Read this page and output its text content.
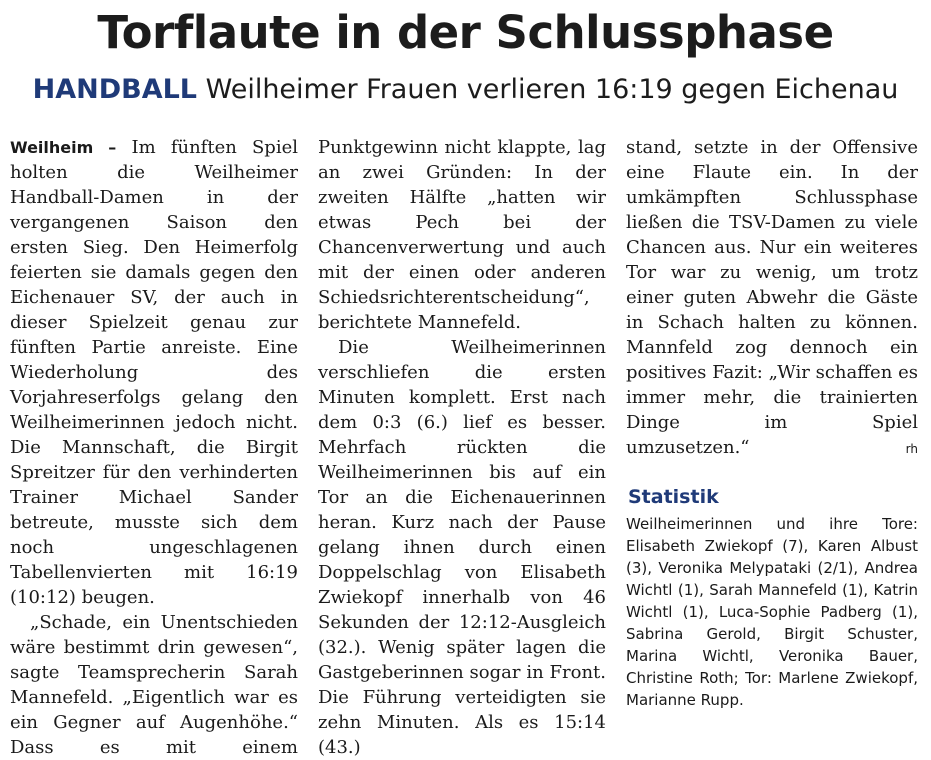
Torflaute in der Schlussphase
HANDBALL Weilheimer Frauen verlieren 16:19 gegen Eichenau

Weilheim – Im fünften Spiel holten die Weilheimer Handball-Damen in der vergangenen Saison den ersten Sieg. Den Heimerfolg feierten sie damals gegen den Eichenauer SV, der auch in dieser Spielzeit genau zur fünften Partie anreiste. Eine Wiederholung des Vorjahreserfolgs gelang den Weilheimerinnen jedoch nicht. Die Mannschaft, die Birgit Spreitzer für den verhinderten Trainer Michael Sander betreute, musste sich dem noch ungeschlagenen Tabellenvierten mit 16:19 (10:12) beugen.

„Schade, ein Unentschieden wäre bestimmt drin gewesen“, sagte Teamsprecherin Sarah Mannefeld. „Eigentlich war es ein Gegner auf Augenhöhe.“ Dass es mit einem

Punktgewinn nicht klappte, lag an zwei Gründen: In der zweiten Hälfte „hatten wir etwas Pech bei der Chancenverwertung und auch mit der einen oder anderen Schiedsrichterentscheidung“, berichtete Mannefeld.

Die Weilheimerinnen verschliefen die ersten Minuten komplett. Erst nach dem 0:3 (6.) lief es besser. Mehrfach rückten die Weilheimerinnen bis auf ein Tor an die Eichenauerinnen heran. Kurz nach der Pause gelang ihnen durch einen Doppelschlag von Elisabeth Zwiekopf innerhalb von 46 Sekunden der 12:12-Ausgleich (32.). Wenig später lagen die Gastgeberinnen sogar in Front. Die Führung verteidigten sie zehn Minuten. Als es 15:14 (43.)

stand, setzte in der Offensive eine Flaute ein. In der umkämpften Schlussphase ließen die TSV-Damen zu viele Chancen aus. Nur ein weiteres Tor war zu wenig, um trotz einer guten Abwehr die Gäste in Schach halten zu können. Mannfeld zog dennoch ein positives Fazit: „Wir schaffen es immer mehr, die trainierten Dinge im Spiel

umzusetzen.“	rh
Statistik
Weilheimerinnen und ihre Tore: Elisabeth Zwiekopf (7), Karen Albust (3), Veronika Melypataki (2/1), Andrea Wichtl (1), Sarah Mannefeld (1), Katrin Wichtl (1), Luca-Sophie Padberg (1), Sabrina Gerold, Birgit Schuster, Marina Wichtl, Veronika Bauer, Christine Roth; Tor: Marlene Zwiekopf, Marianne Rupp.
